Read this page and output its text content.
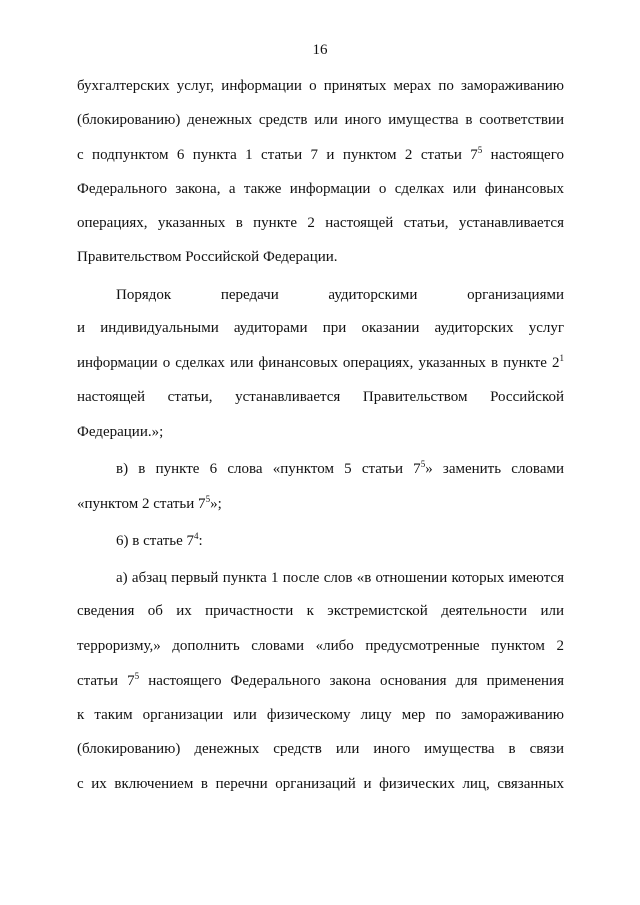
16
бухгалтерских услуг, информации о принятых мерах по замораживанию
(блокированию) денежных средств или иного имущества в соответствии
с подпунктом 6 пункта 1 статьи 7 и пунктом 2 статьи $7^5$ настоящего
Федерального закона, а также информации о сделках или финансовых
операциях, указанных в пункте 2 настоящей статьи, устанавливается
Правительством Российской Федерации.
Порядок передачи аудиторскими организациями
и индивидуальными аудиторами при оказании аудиторских услуг
информации о сделках или финансовых операциях, указанных в пункте $2^1$
настоящей статьи, устанавливается Правительством Российской
Федерации.»;
в) в пункте 6 слова «пунктом 5 статьи $7^5$» заменить словами
«пунктом 2 статьи $7^5$»;
6) в статье $7^4$:
а) абзац первый пункта 1 после слов «в отношении которых имеются
сведения об их причастности к экстремистской деятельности или
терроризму,» дополнить словами «либо предусмотренные пунктом 2
статьи $7^5$ настоящего Федерального закона основания для применения
к таким организации или физическому лицу мер по замораживанию
(блокированию) денежных средств или иного имущества в связи
с их включением в перечни организаций и физических лиц, связанных
